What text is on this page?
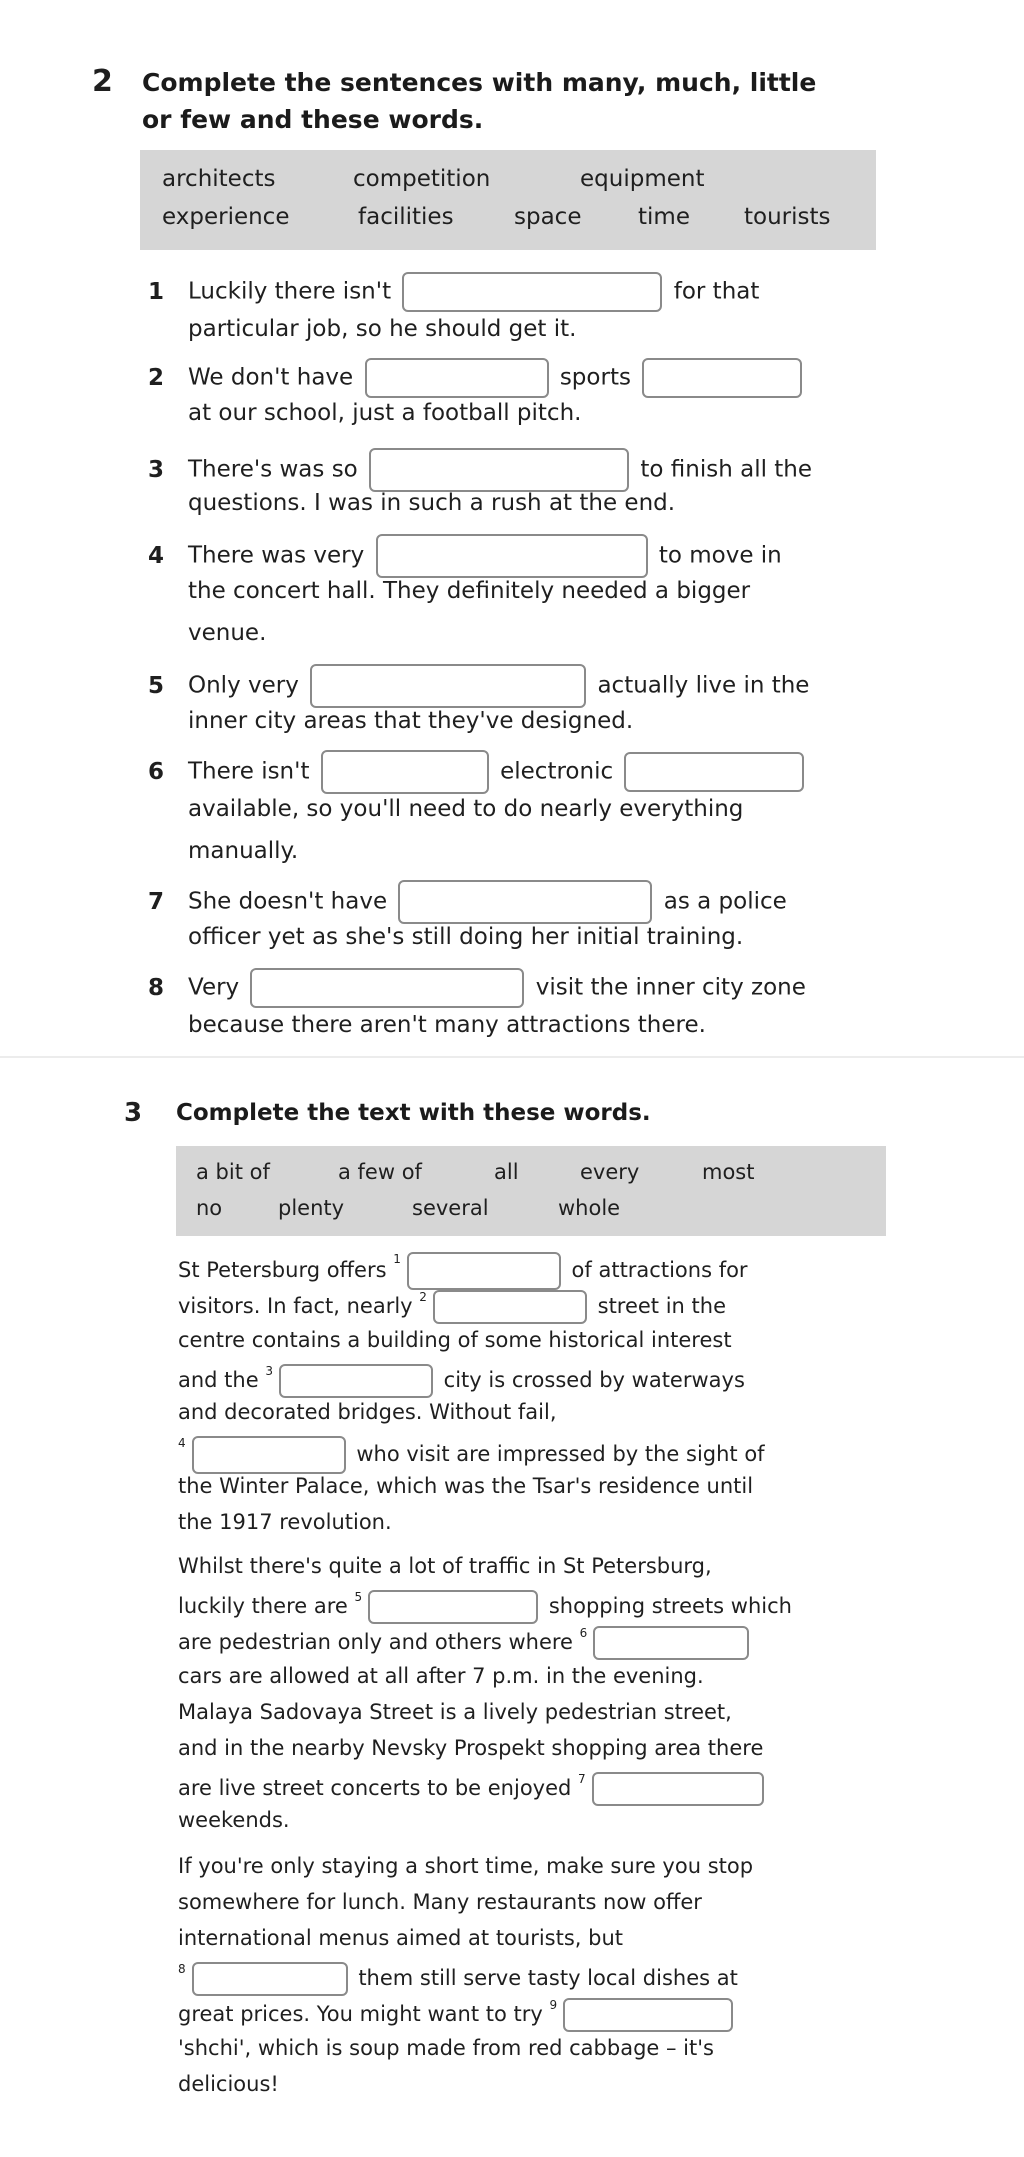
2 Complete the sentences with many, much, little
or few and these words.
architects	competition	equipment
experience	facilities	space time tourists
1 Luckily there isn't	for that
particular job, so he should get it.
2 We don't have	sports
at our school, just a football pitch.
3 There's was so	to finish all the
questions. I was in such a rush at the end.
4 There was very	to move in
the concert hall. They definitely needed a bigger
venue.
5 Only very	actually live in the
inner city areas that they've designed.
6 There isn't	electronic
available, so you'll need to do nearly everything
manually.
7 She doesn't have	as a police
officer yet as she's still doing her initial training.
8 Very	visit the inner city zone
because there aren't many attractions there.
3 Complete the text with these words.
a bit of	a few of	all	every	most
no	plenty	several	whole
St Petersburg offers $^1$	of attractions for
visitors. In fact, nearly $^2$	street in the
centre contains a building of some historical interest
and the $^3$	city is crossed by waterways
and decorated bridges. Without fail,
$^4$	who visit are impressed by the sight of
the Winter Palace, which was the Tsar's residence until
the 1917 revolution.
Whilst there's quite a lot of traffic in St Petersburg,
luckily there are $^5$	shopping streets which
are pedestrian only and others where $^6$
cars are allowed at all after 7 p.m. in the evening.
Malaya Sadovaya Street is a lively pedestrian street,
and in the nearby Nevsky Prospekt shopping area there
are live street concerts to be enjoyed $^7$
weekends.
If you're only staying a short time, make sure you stop
somewhere for lunch. Many restaurants now offer
international menus aimed at tourists, but
$^8$	them still serve tasty local dishes at
great prices. You might want to try $^9$
'shchi', which is soup made from red cabbage – it's
delicious!
